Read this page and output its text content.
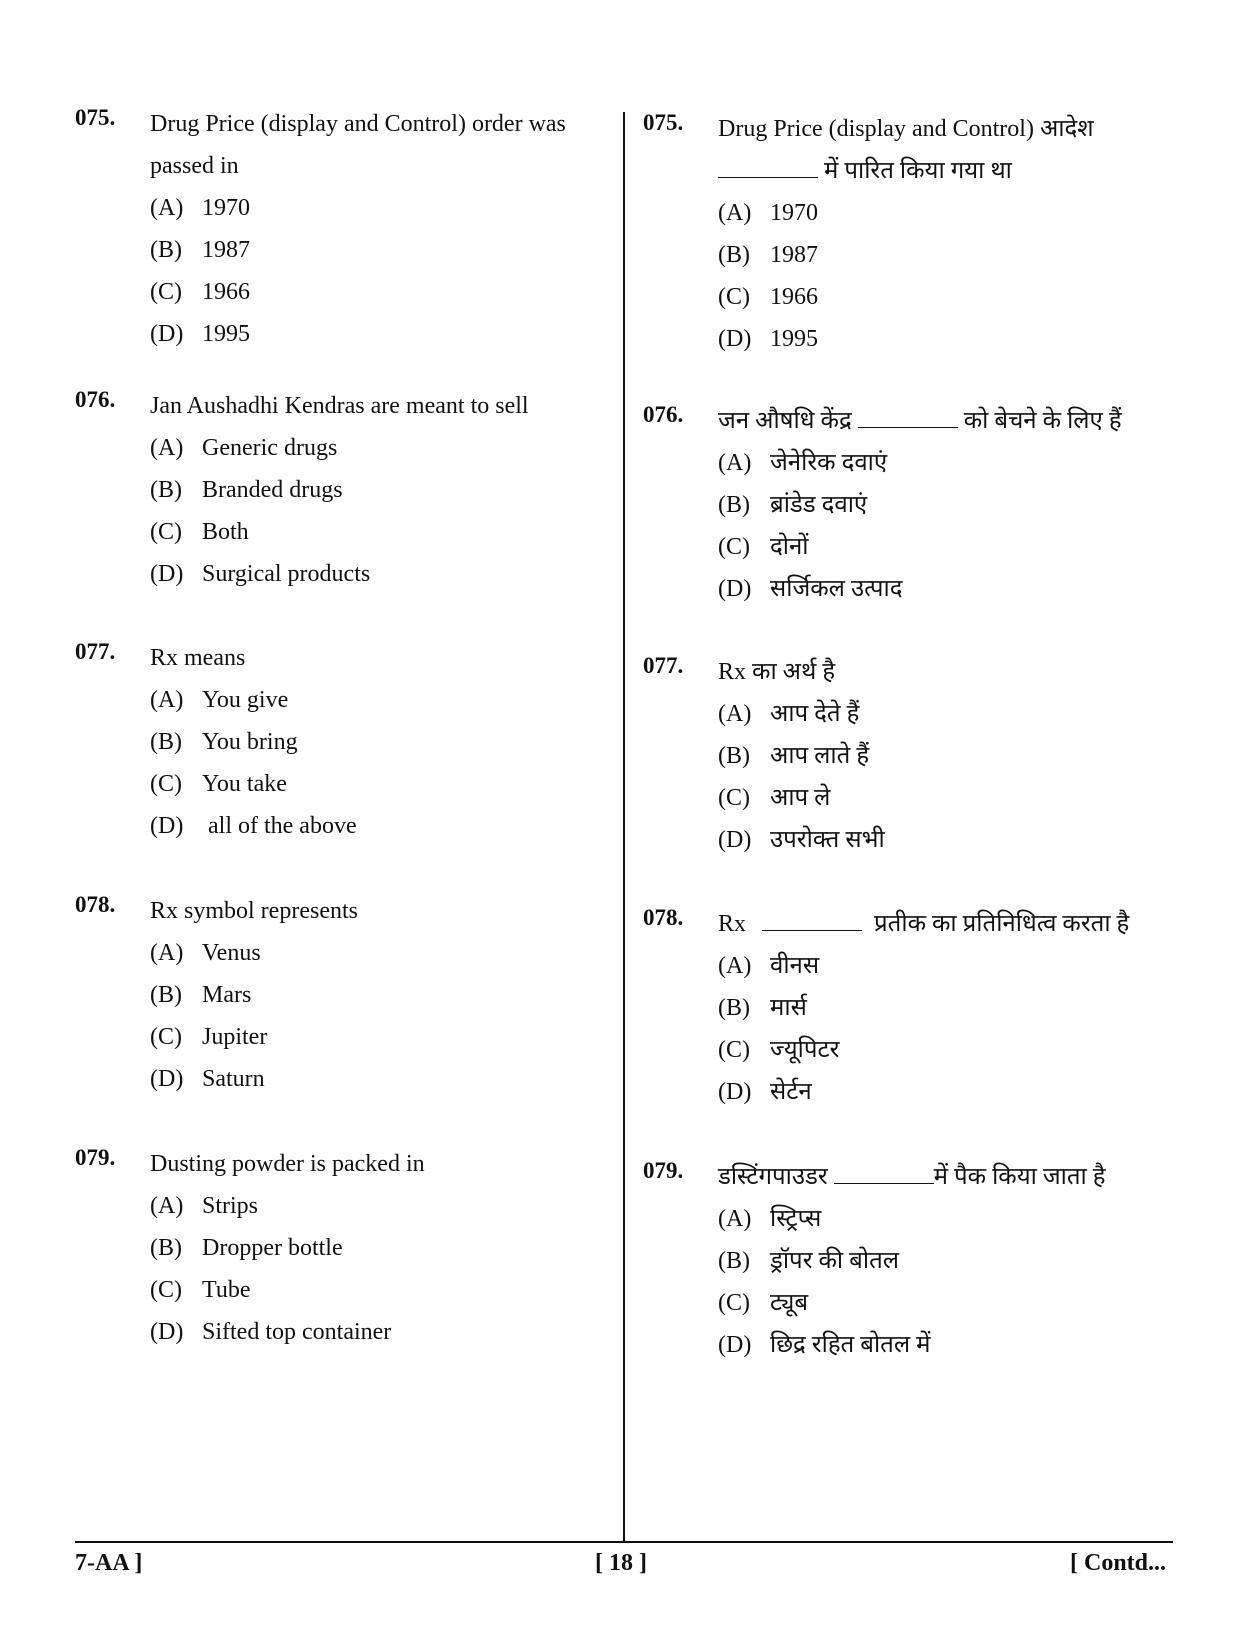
075. Drug Price (display and Control) order was passed in
(A) 1970
(B) 1987
(C) 1966
(D) 1995
076. Jan Aushadhi Kendras are meant to sell
(A) Generic drugs
(B) Branded drugs
(C) Both
(D) Surgical products
077. Rx means
(A) You give
(B) You bring
(C) You take
(D) all of the above
078. Rx symbol represents
(A) Venus
(B) Mars
(C) Jupiter
(D) Saturn
079. Dusting powder is packed in
(A) Strips
(B) Dropper bottle
(C) Tube
(D) Sifted top container
075. Drug Price (display and Control) आदेश
में पारित किया गया था
(A) 1970
(B) 1987
(C) 1966
(D) 1995
076. जन औषधि केंद्र	को बेचने के लिए हैं
(A) जेनेरिक दवाएं
(B) ब्रांडेड दवाएं
(C) दोनों
(D) सर्जिकल उत्पाद
077. Rx का अर्थ है
(A) आप देते हैं
(B) आप लाते हैं
(C) आप ले
(D) उपरोक्त सभी
078. Rx	प्रतीक का प्रतिनिधित्व करता है
(A) वीनस
(B) मार्स
(C) ज्यूपिटर
(D) सेर्टन
079. डस्टिंगपाउडर	में पैक किया जाता है
(A) स्ट्रिप्स
(B) ड्रॉपर की बोतल
(C) ट्यूब
(D) छिद्र रहित बोतल में
7-AA ]	[ 18 ]	[ Contd...
